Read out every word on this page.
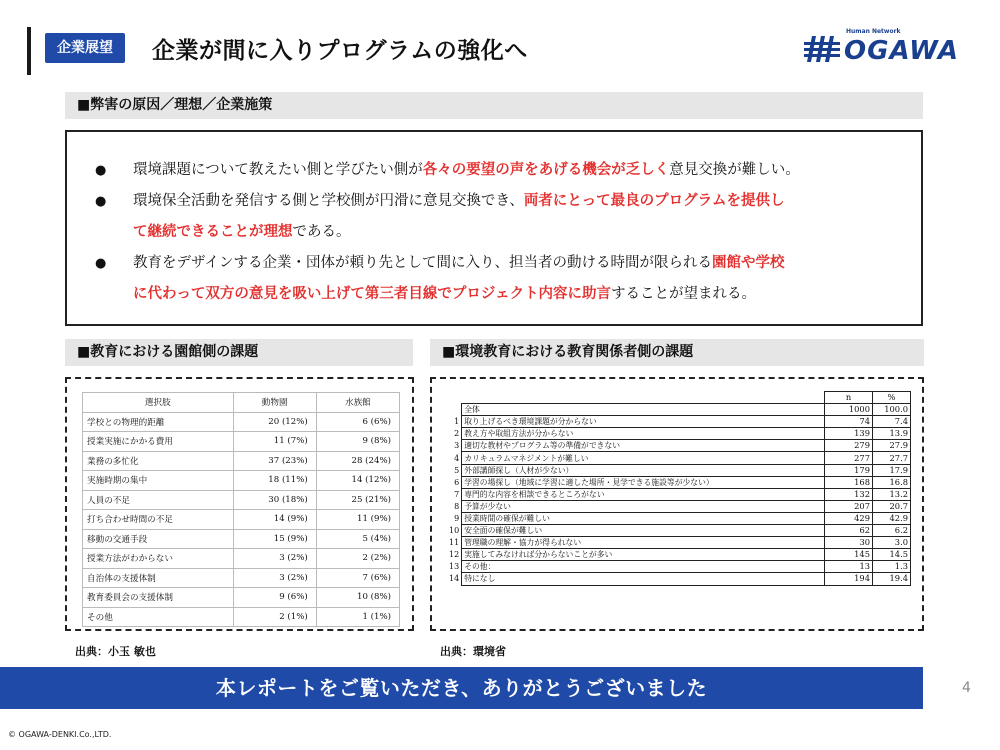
企業展望	企業が間に入りプログラムの強化へ
Human Network
OGAWA
■弊害の原因／理想／企業施策
●	環境課題について教えたい側と学びたい側が各々の要望の声をあげる機会が乏しく意見交換が難しい。
●	環境保全活動を発信する側と学校側が円滑に意見交換でき、両者にとって最良のプログラムを提供し
て継続できることが理想である。
●	教育をデザインする企業・団体が頼り先として間に入り、担当者の動ける時間が限られる園館や学校
に代わって双方の意見を吸い上げて第三者目線でプロジェクト内容に助言することが望まれる。
■教育における園館側の課題
選択肢	動物園	水族館
学校との物理的距離	20 (12%)	6 (6%)
授業実施にかかる費用	11 (7%)	9 (8%)
業務の多忙化	37 (23%)	28 (24%)
実施時期の集中	18 (11%)	14 (12%)
人員の不足	30 (18%)	25 (21%)
打ち合わせ時間の不足	14 (9%)	11 (9%)
移動の交通手段	15 (9%)	5 (4%)
授業方法がわからない	3 (2%)	2 (2%)
自治体の支援体制	3 (2%)	7 (6%)
教育委員会の支援体制	9 (6%)	10 (8%)
その他	2 (1%)	1 (1%)
出典：小玉 敏也
■環境教育における教育関係者側の課題
		n	%
	全体	1000	100.0
1	取り上げるべき環境課題が分からない	74	7.4
2	教え方や取組方法が分からない	139	13.9
3	適切な教材やプログラム等の準備ができない	279	27.9
4	カリキュラムマネジメントが難しい	277	27.7
5	外部講師探し（人材が少ない）	179	17.9
6	学習の場探し（地域に学習に適した場所・見学できる施設等が少ない）	168	16.8
7	専門的な内容を相談できるところがない	132	13.2
8	予算が少ない	207	20.7
9	授業時間の確保が難しい	429	42.9
10	安全面の確保が難しい	62	6.2
11	管理職の理解・協力が得られない	30	3.0
12	実施してみなければ分からないことが多い	145	14.5
13	その他：	13	1.3
14	特になし	194	19.4
出典：環境省
本レポートをご覧いただき、ありがとうございました	4
© OGAWA-DENKI.Co.,LTD.
